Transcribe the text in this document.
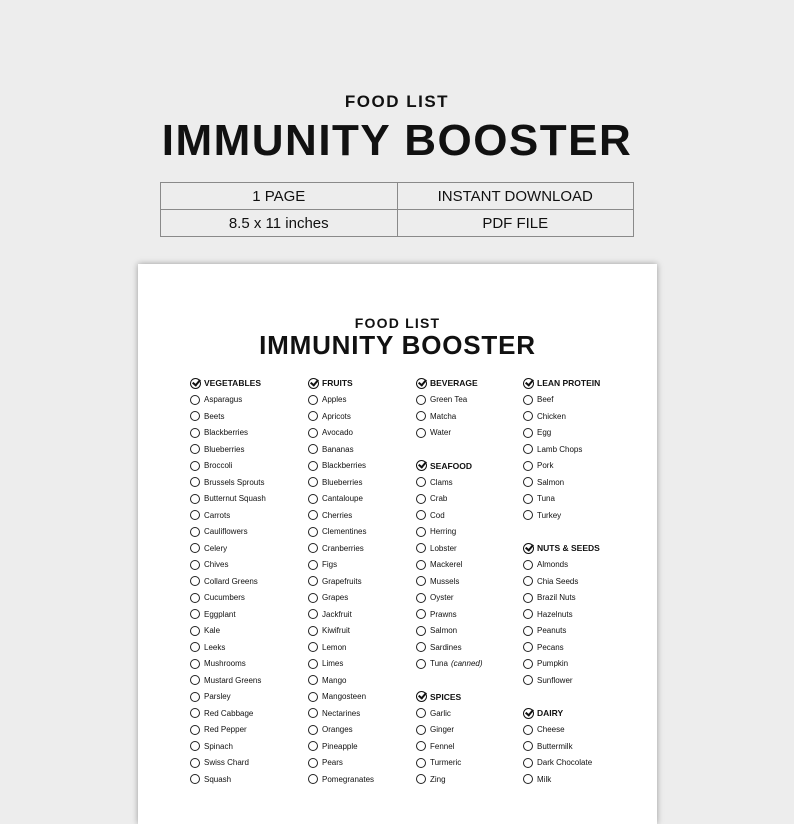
FOOD LIST
IMMUNITY BOOSTER
1 PAGE	INSTANT DOWNLOAD
8.5 x 11 inches	PDF FILE
FOOD LIST
IMMUNITY BOOSTER
VEGETABLES
Asparagus
Beets
Blackberries
Blueberries
Broccoli
Brussels Sprouts
Butternut Squash
Carrots
Cauliflowers
Celery
Chives
Collard Greens
Cucumbers
Eggplant
Kale
Leeks
Mushrooms
Mustard Greens
Parsley
Red Cabbage
Red Pepper
Spinach
Swiss Chard
Squash
FRUITS
Apples
Apricots
Avocado
Bananas
Blackberries
Blueberries
Cantaloupe
Cherries
Clementines
Cranberries
Figs
Grapefruits
Grapes
Jackfruit
Kiwifruit
Lemon
Limes
Mango
Mangosteen
Nectarines
Oranges
Pineapple
Pears
Pomegranates
BEVERAGE
Green Tea
Matcha
Water
SEAFOOD
Clams
Crab
Cod
Herring
Lobster
Mackerel
Mussels
Oyster
Prawns
Salmon
Sardines
Tuna (canned)
SPICES
Garlic
Ginger
Fennel
Turmeric
Zing
LEAN PROTEIN
Beef
Chicken
Egg
Lamb Chops
Pork
Salmon
Tuna
Turkey
NUTS & SEEDS
Almonds
Chia Seeds
Brazil Nuts
Hazelnuts
Peanuts
Pecans
Pumpkin
Sunflower
DAIRY
Cheese
Buttermilk
Dark Chocolate
Milk
